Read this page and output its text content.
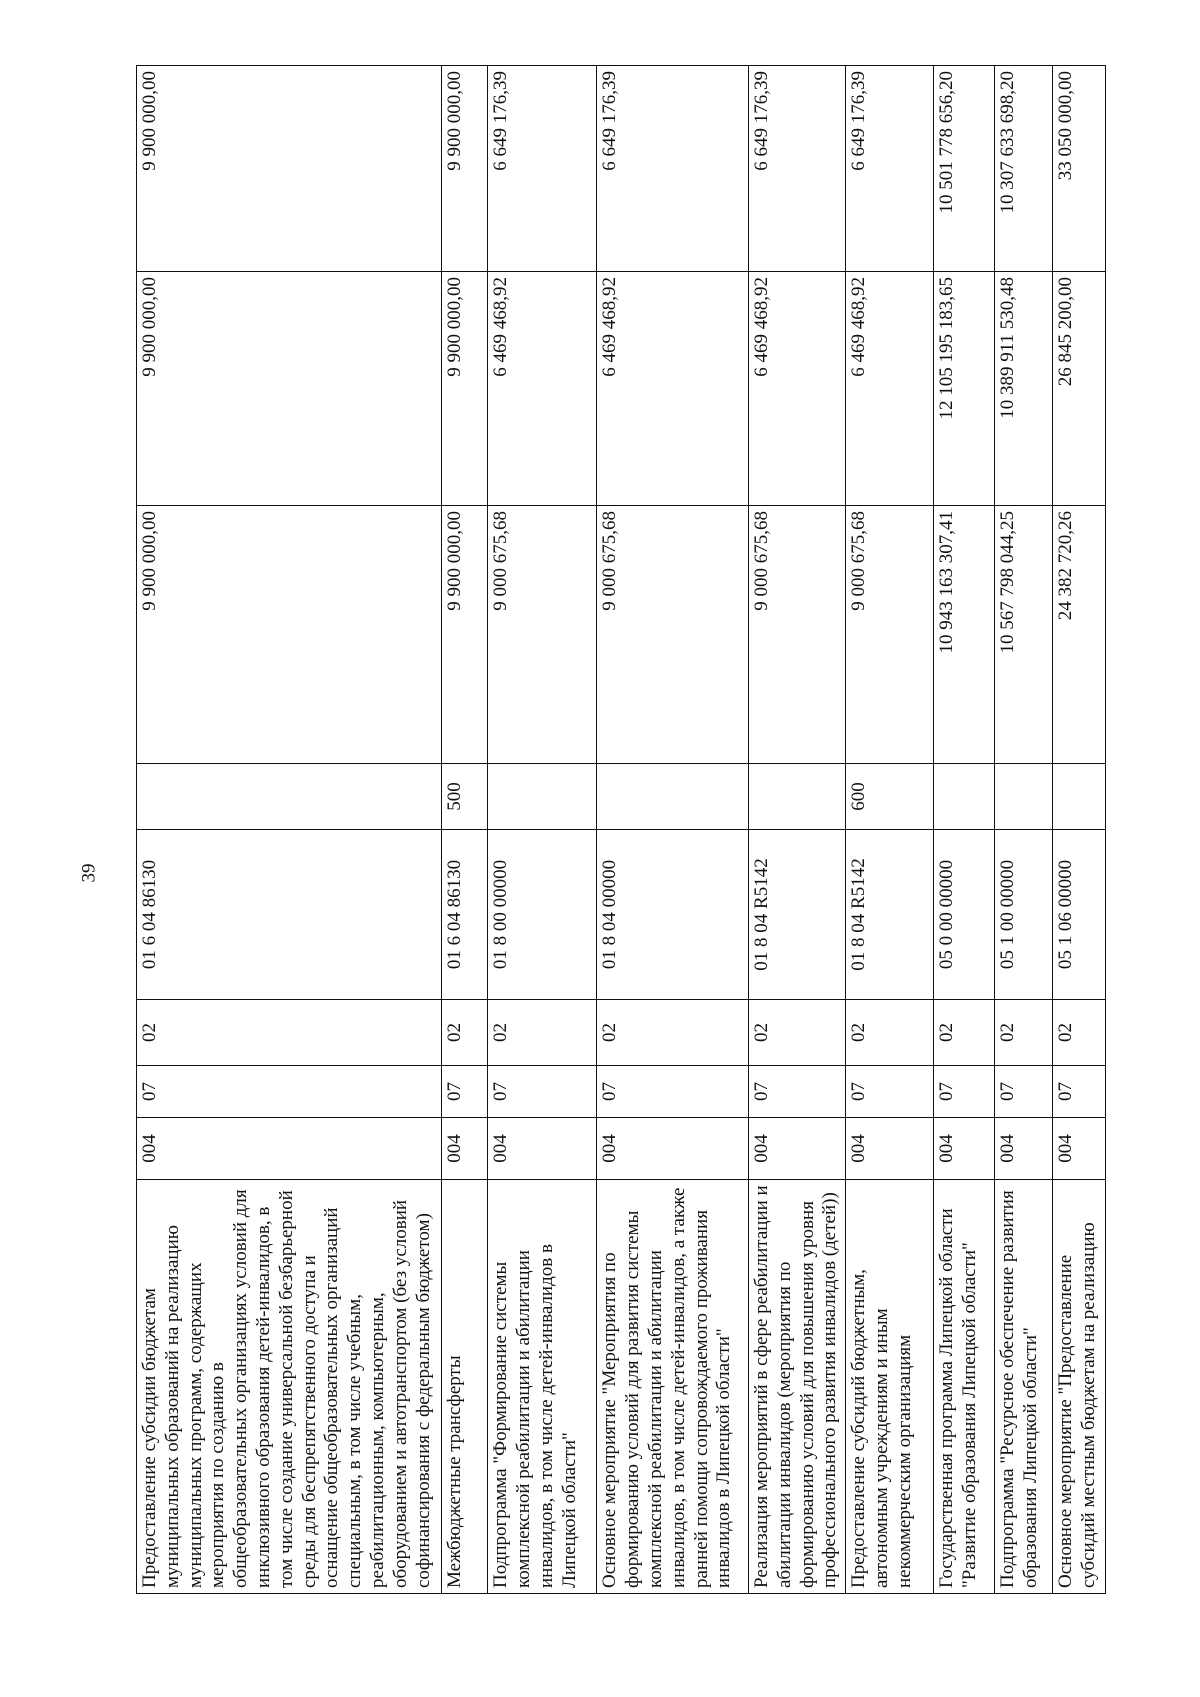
39
Предоставление субсидии бюджетам муниципальных образований на реализацию муниципальных программ, содержащих мероприятия по созданию в общеобразовательных организациях условий для инклюзивного образования детей-инвалидов, в том числе создание универсальной безбарьерной среды для беспрепятственного доступа и оснащение общеобразовательных организаций специальным, в том числе учебным, реабилитационным, компьютерным, оборудованием и автотранспортом (без условий софинансирования с федеральным бюджетом)	004	07	02	01 6 04 86130		9 900 000,00	9 900 000,00	9 900 000,00
Межбюджетные трансферты	004	07	02	01 6 04 86130	500	9 900 000,00	9 900 000,00	9 900 000,00
Подпрограмма "Формирование системы комплексной реабилитации и абилитации инвалидов, в том числе детей-инвалидов в Липецкой области"	004	07	02	01 8 00 00000		9 000 675,68	6 469 468,92	6 649 176,39
Основное мероприятие "Мероприятия по формированию условий для развития системы комплексной реабилитации и абилитации инвалидов, в том числе детей-инвалидов, а также ранней помощи сопровождаемого проживания инвалидов в Липецкой области"	004	07	02	01 8 04 00000		9 000 675,68	6 469 468,92	6 649 176,39
Реализация мероприятий в сфере реабилитации и абилитации инвалидов (мероприятия по формированию условий для повышения уровня профессионального развития инвалидов (детей))	004	07	02	01 8 04 R5142		9 000 675,68	6 469 468,92	6 649 176,39
Предоставление субсидий бюджетным, автономным учреждениям и иным некоммерческим организациям	004	07	02	01 8 04 R5142	600	9 000 675,68	6 469 468,92	6 649 176,39
Государственная программа Липецкой области "Развитие образования Липецкой области"	004	07	02	05 0 00 00000		10 943 163 307,41	12 105 195 183,65	10 501 778 656,20
Подпрограмма "Ресурсное обеспечение развития образования Липецкой области"	004	07	02	05 1 00 00000		10 567 798 044,25	10 389 911 530,48	10 307 633 698,20
Основное мероприятие "Предоставление субсидий местным бюджетам на реализацию	004	07	02	05 1 06 00000		24 382 720,26	26 845 200,00	33 050 000,00
